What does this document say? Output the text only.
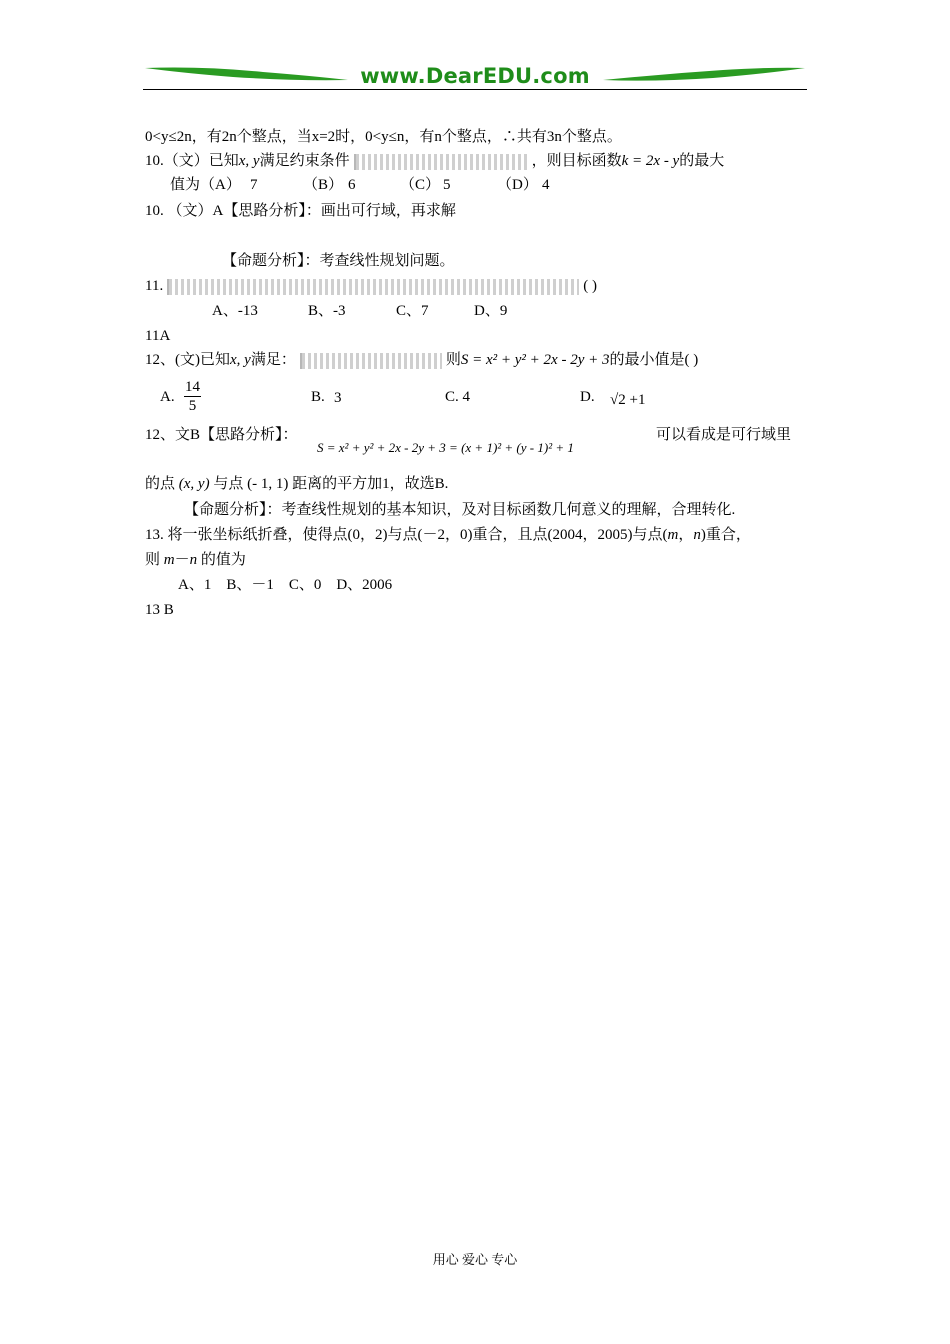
www.DearEDU.com
0<y≤2n，有2n个整点，当x=2时，0<y≤n，有n个整点，∴共有3n个整点。
10.（文）已知x, y满足约束条件	，则目标函数k = 2x - y的最大
值为（A） 7	（B） 6	（C） 5	（D） 4
10. （文）A【思路分析】：画出可行域，再求解
【命题分析】：考查线性规划问题。
11.	( )
A、-13	B、-3	C、7	D、9
11A
12、(文)已知x, y满足：	则S = x² + y² + 2x - 2y + 3的最小值是( )
A. $\frac{14}{5}$	B. 3	C. 4	D. √2 +1
12、文B【思路分析】：
S = x² + y² + 2x - 2y + 3 = (x + 1)² + (y - 1)² + 1
可以看成是可行域里
的点 (x, y) 与点 (- 1, 1) 距离的平方加1，故选B.
【命题分析】：考查线性规划的基本知识，及对目标函数几何意义的理解，合理转化.
13. 将一张坐标纸折叠，使得点(0，2)与点(－2，0)重合，且点(2004，2005)与点(m，n)重合，
则 m－n 的值为
A、1    B、－1    C、0    D、2006
13 B
用心 爱心 专心
